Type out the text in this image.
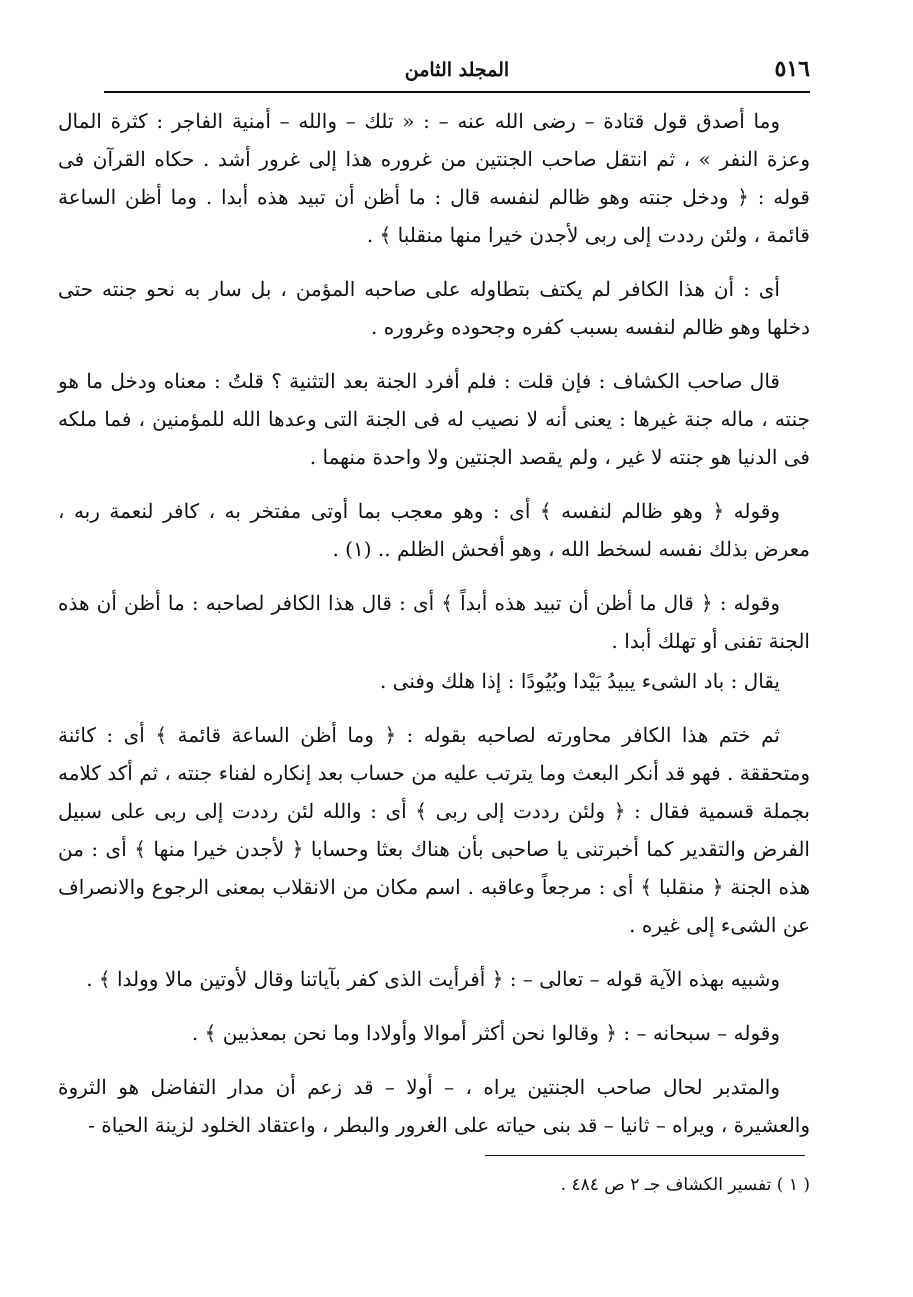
٥١٦
المجلد الثامن

وما أصدق قول قتادة – رضى الله عنه – : « تلك – والله – أمنية الفاجر : كثرة المال وعزة النفر » ، ثم انتقل صاحب الجنتين من غروره هذا إلى غرور أشد . حكاه القرآن فى قوله : ﴿ ودخل جنته وهو ظالم لنفسه قال : ما أظن أن تبيد هذه أبدا . وما أظن الساعة قائمة ، ولئن رددت إلى ربى لأجدن خيرا منها منقلبا ﴾ .

أى : أن هذا الكافر لم يكتف بتطاوله على صاحبه المؤمن ، بل سار به نحو جنته حتى دخلها وهو ظالم لنفسه بسبب كفره وجحوده وغروره .

قال صاحب الكشاف : فإن قلت : فلم أفرد الجنة بعد التثنية ؟ قلتُ : معناه ودخل ما هو جنته ، ماله جنة غيرها : يعنى أنه لا نصيب له فى الجنة التى وعدها الله للمؤمنين ، فما ملكه فى الدنيا هو جنته لا غير ، ولم يقصد الجنتين ولا واحدة منهما .

وقوله ﴿ وهو ظالم لنفسه ﴾ أى : وهو معجب بما أوتى مفتخر به ، كافر لنعمة ربه ، معرض بذلك نفسه لسخط الله ، وهو أفحش الظلم .. (١) .

وقوله : ﴿ قال ما أظن أن تبيد هذه أبداً ﴾ أى : قال هذا الكافر لصاحبه : ما أظن أن هذه الجنة تفنى أو تهلك أبدا .

يقال : باد الشىء يبيدُ بَيْدا وبُيُودًا : إذا هلك وفنى .

ثم ختم هذا الكافر محاورته لصاحبه بقوله : ﴿ وما أظن الساعة قائمة ﴾ أى : كائنة ومتحققة . فهو قد أنكر البعث وما يترتب عليه من حساب بعد إنكاره لفناء جنته ، ثم أكد كلامه بجملة قسمية فقال : ﴿ ولئن رددت إلى ربى ﴾ أى : والله لئن رددت إلى ربى على سبيل الفرض والتقدير كما أخبرتنى يا صاحبى بأن هناك بعثا وحسابا ﴿ لأجدن خيرا منها ﴾ أى : من هذه الجنة ﴿ منقلبا ﴾ أى : مرجعاً وعاقبه . اسم مكان من الانقلاب بمعنى الرجوع والانصراف عن الشىء إلى غيره .

وشبيه بهذه الآية قوله – تعالى – : ﴿ أفرأيت الذى كفر بآياتنا وقال لأوتين مالا وولدا ﴾ .

وقوله – سبحانه – : ﴿ وقالوا نحن أكثر أموالا وأولادا وما نحن بمعذبين ﴾ .

والمتدبر لحال صاحب الجنتين يراه ، – أولا – قد زعم أن مدار التفاضل هو الثروة والعشيرة ، ويراه – ثانيا – قد بنى حياته على الغرور والبطر ، واعتقاد الخلود لزينة الحياة -

( ١ ) تفسير الكشاف جـ ٢ ص ٤٨٤ .
